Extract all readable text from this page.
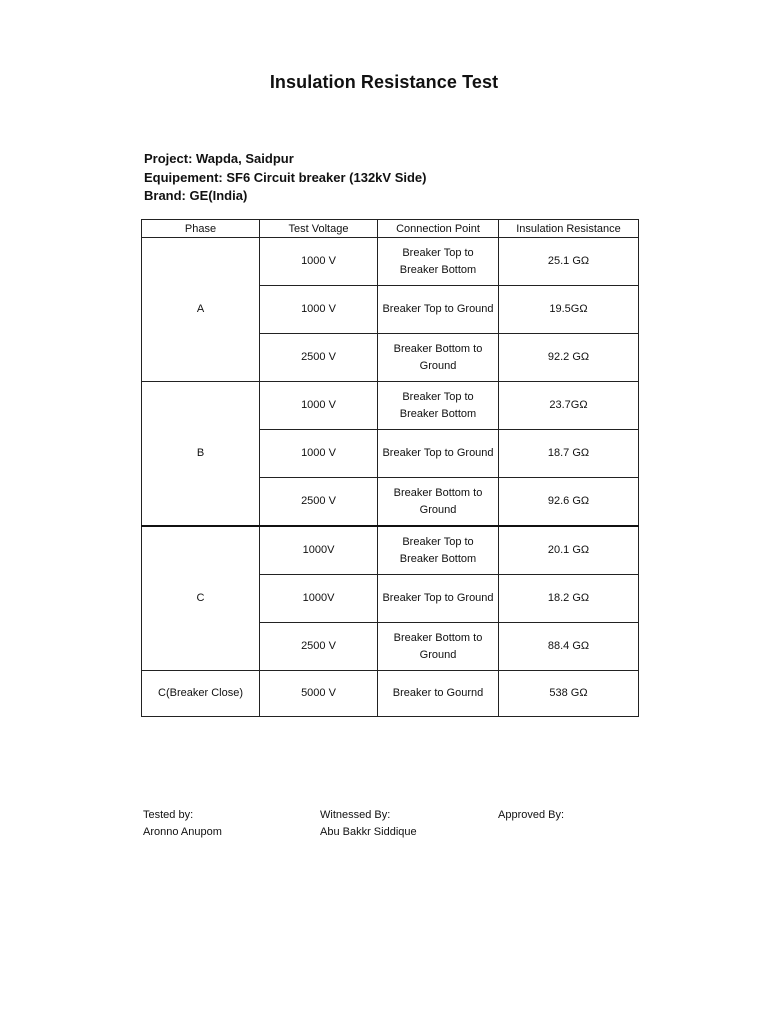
Insulation Resistance Test
Project: Wapda, Saidpur
Equipement: SF6 Circuit breaker (132kV Side)
Brand: GE(India)
Phase	Test Voltage	Connection Point	Insulation Resistance
A	1000 V	Breaker Top to Breaker Bottom	25.1 GΩ
	1000 V	Breaker Top to Ground	19.5GΩ
	2500 V	Breaker Bottom to Ground	92.2 GΩ
B	1000 V	Breaker Top to Breaker Bottom	23.7GΩ
	1000 V	Breaker Top to Ground	18.7 GΩ
	2500 V	Breaker Bottom to Ground	92.6 GΩ
C	1000V	Breaker Top to Breaker Bottom	20.1 GΩ
	1000V	Breaker Top to Ground	18.2 GΩ
	2500 V	Breaker Bottom to Ground	88.4 GΩ
C(Breaker Close)	5000 V	Breaker to Gournd	538 GΩ
Tested by:
Aronno Anupom
Witnessed By:
Abu Bakkr Siddique
Approved By:
